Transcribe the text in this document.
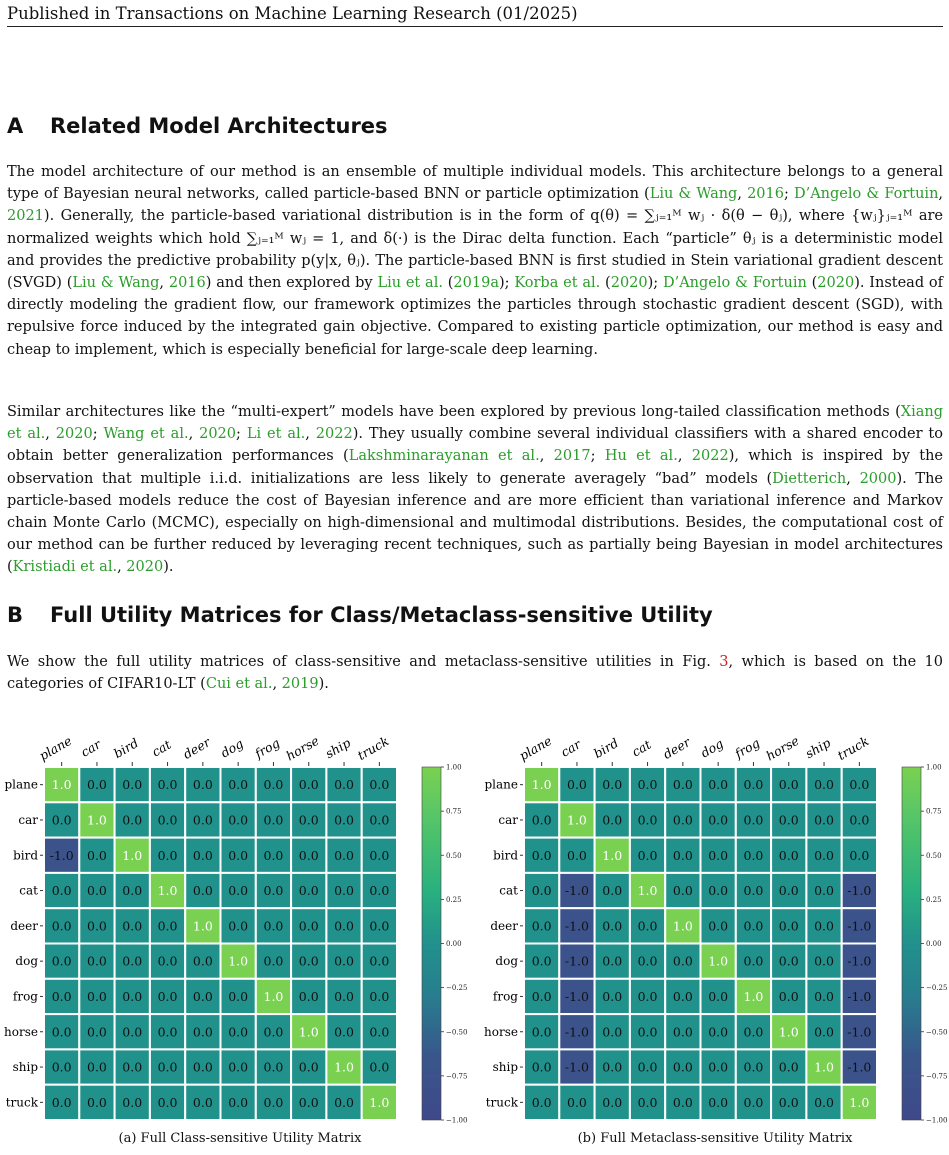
Published in Transactions on Machine Learning Research (01/2025)
A Related Model Architectures
The model architecture of our method is an ensemble of multiple individual models. This architecture belongs to a general type of Bayesian neural networks, called particle-based BNN or particle optimization (Liu & Wang, 2016; D’Angelo & Fortuin, 2021). Generally, the particle-based variational distribution is in the form of q(θ) = ∑ⱼ₌₁ᴹ wⱼ · δ(θ − θⱼ), where {wⱼ}ⱼ₌₁ᴹ are normalized weights which hold ∑ⱼ₌₁ᴹ wⱼ = 1, and δ(·) is the Dirac delta function. Each “particle” θⱼ is a deterministic model and provides the predictive probability p(y|x, θⱼ). The particle-based BNN is first studied in Stein variational gradient descent (SVGD) (Liu & Wang, 2016) and then explored by Liu et al. (2019a); Korba et al. (2020); D’Angelo & Fortuin (2020). Instead of directly modeling the gradient flow, our framework optimizes the particles through stochastic gradient descent (SGD), with repulsive force induced by the integrated gain objective. Compared to existing particle optimization, our method is easy and cheap to implement, which is especially beneficial for large-scale deep learning.
Similar architectures like the “multi-expert” models have been explored by previous long-tailed classification methods (Xiang et al., 2020; Wang et al., 2020; Li et al., 2022). They usually combine several individual classifiers with a shared encoder to obtain better generalization performances (Lakshminarayanan et al., 2017; Hu et al., 2022), which is inspired by the observation that multiple i.i.d. initializations are less likely to generate averagely “bad” models (Dietterich, 2000). The particle-based models reduce the cost of Bayesian inference and are more efficient than variational inference and Markov chain Monte Carlo (MCMC), especially on high-dimensional and multimodal distributions. Besides, the computational cost of our method can be further reduced by leveraging recent techniques, such as partially being Bayesian in model architectures (Kristiadi et al., 2020).
B Full Utility Matrices for Class/Metaclass-sensitive Utility
We show the full utility matrices of class-sensitive and metaclass-sensitive utilities in Fig. 3, which is based on the 10 categories of CIFAR10-LT (Cui et al., 2019).
plane car bird cat deer dog frog horse ship truck
plane
car
bird
cat
deer
dog
frog
horse
ship
truck
1.0 0.0 0.0 0.0 0.0 0.0 0.0 0.0 0.0 0.0
0.0 1.0 0.0 0.0 0.0 0.0 0.0 0.0 0.0 0.0
-1.0 0.0 1.0 0.0 0.0 0.0 0.0 0.0 0.0 0.0
0.0 0.0 0.0 1.0 0.0 0.0 0.0 0.0 0.0 0.0
0.0 0.0 0.0 0.0 1.0 0.0 0.0 0.0 0.0 0.0
0.0 0.0 0.0 0.0 0.0 1.0 0.0 0.0 0.0 0.0
0.0 0.0 0.0 0.0 0.0 0.0 1.0 0.0 0.0 0.0
0.0 0.0 0.0 0.0 0.0 0.0 0.0 1.0 0.0 0.0
0.0 0.0 0.0 0.0 0.0 0.0 0.0 0.0 1.0 0.0
0.0 0.0 0.0 0.0 0.0 0.0 0.0 0.0 0.0 1.0
1.00
0.75
0.50
0.25
0.00
−0.25
−0.50
−0.75
−1.00
plane car bird cat deer dog frog horse ship truck
plane
car
bird
cat
deer
dog
frog
horse
ship
truck
1.0 0.0 0.0 0.0 0.0 0.0 0.0 0.0 0.0 0.0
0.0 1.0 0.0 0.0 0.0 0.0 0.0 0.0 0.0 0.0
0.0 0.0 1.0 0.0 0.0 0.0 0.0 0.0 0.0 0.0
0.0 -1.0 0.0 1.0 0.0 0.0 0.0 0.0 0.0 -1.0
0.0 -1.0 0.0 0.0 1.0 0.0 0.0 0.0 0.0 -1.0
0.0 -1.0 0.0 0.0 0.0 1.0 0.0 0.0 0.0 -1.0
0.0 -1.0 0.0 0.0 0.0 0.0 1.0 0.0 0.0 -1.0
0.0 -1.0 0.0 0.0 0.0 0.0 0.0 1.0 0.0 -1.0
0.0 -1.0 0.0 0.0 0.0 0.0 0.0 0.0 1.0 -1.0
0.0 0.0 0.0 0.0 0.0 0.0 0.0 0.0 0.0 1.0
1.00
0.75
0.50
0.25
0.00
−0.25
−0.50
−0.75
−1.00
(a) Full Class-sensitive Utility Matrix	(b) Full Metaclass-sensitive Utility Matrix
